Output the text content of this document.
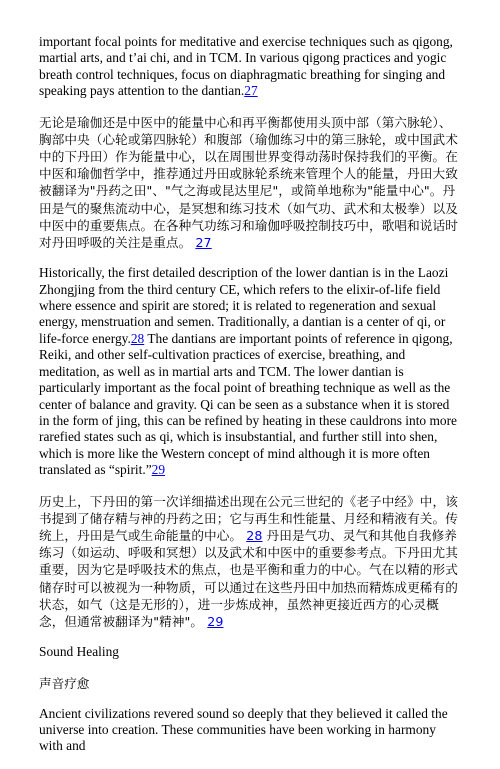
important focal points for meditative and exercise techniques such as qigong, martial arts, and t’ai chi, and in TCM. In various qigong practices and yogic breath control techniques, focus on diaphragmatic breathing for singing and speaking pays attention to the dantian.27

无论是瑜伽还是中医中的能量中心和再平衡都使用头顶中部（第六脉轮）、胸部中央（心轮或第四脉轮）和腹部（瑜伽练习中的第三脉轮，或中国武术中的下丹田）作为能量中心，以在周围世界变得动荡时保持我们的平衡。在中医和瑜伽哲学中，推荐通过丹田或脉轮系统来管理个人的能量，丹田大致被翻译为"丹药之田"、"气之海或昆达里尼"，或简单地称为"能量中心"。丹田是气的聚焦流动中心，是冥想和练习技术（如气功、武术和太极拳）以及中医中的重要焦点。在各种气功练习和瑜伽呼吸控制技巧中，歌唱和说话时对丹田呼吸的关注是重点。 27

Historically, the first detailed description of the lower dantian is in the Laozi Zhongjing from the third century CE, which refers to the elixir-of-life field where essence and spirit are stored; it is related to regeneration and sexual energy, menstruation and semen. Traditionally, a dantian is a center of qi, or life-force energy.28 The dantians are important points of reference in qigong, Reiki, and other self-cultivation practices of exercise, breathing, and meditation, as well as in martial arts and TCM. The lower dantian is particularly important as the focal point of breathing technique as well as the center of balance and gravity. Qi can be seen as a substance when it is stored in the form of jing, this can be refined by heating in these cauldrons into more rarefied states such as qi, which is insubstantial, and further still into shen, which is more like the Western concept of mind although it is more often translated as “spirit.”29

历史上，下丹田的第一次详细描述出现在公元三世纪的《老子中经》中，该书提到了储存精与神的丹药之田；它与再生和性能量、月经和精液有关。传统上，丹田是气或生命能量的中心。 28 丹田是气功、灵气和其他自我修养练习（如运动、呼吸和冥想）以及武术和中医中的重要参考点。下丹田尤其重要，因为它是呼吸技术的焦点，也是平衡和重力的中心。气在以精的形式储存时可以被视为一种物质，可以通过在这些丹田中加热而精炼成更稀有的状态，如气（这是无形的），进一步炼成神，虽然神更接近西方的心灵概念，但通常被翻译为"精神"。 29

Sound Healing

声音疗愈

Ancient civilizations revered sound so deeply that they believed it called the universe into creation. These communities have been working in harmony with and
